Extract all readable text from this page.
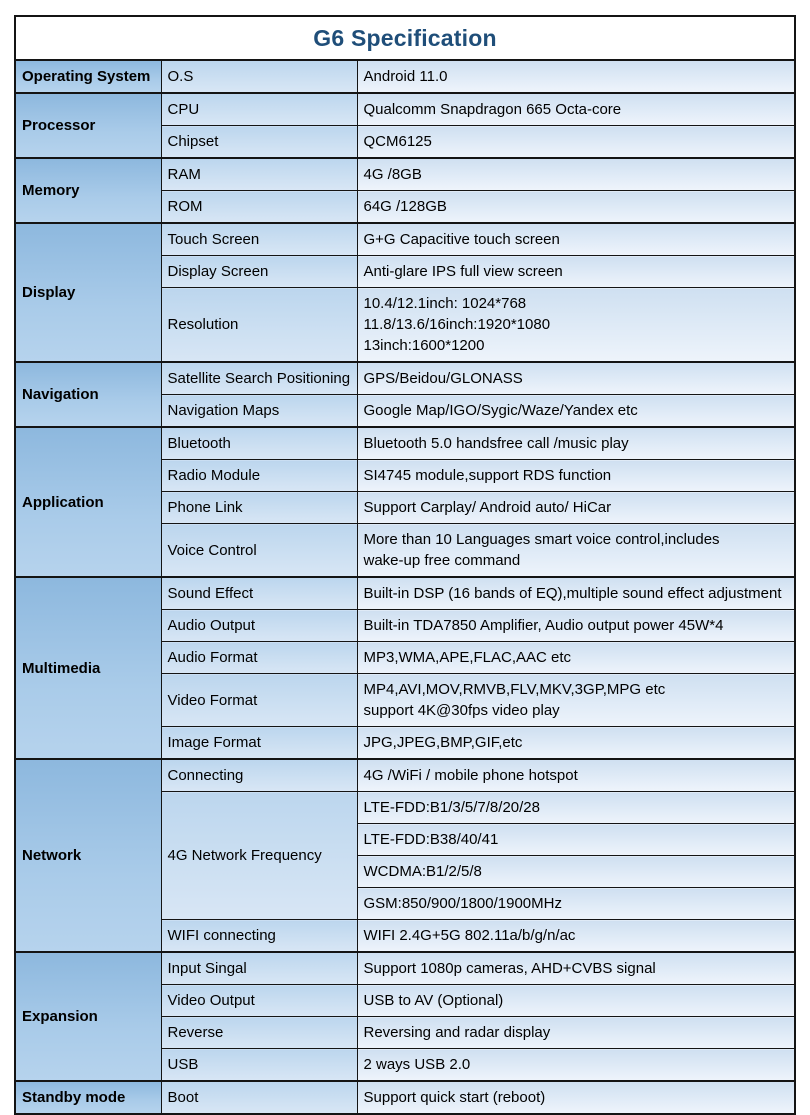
G6 Specification		
Operating System	O.S	Android 11.0
Processor	CPU	Qualcomm Snapdragon 665 Octa-core
	Chipset	QCM6125
Memory	RAM	4G /8GB
	ROM	64G /128GB
Display	Touch Screen	G+G Capacitive touch screen
	Display Screen	Anti-glare IPS full view screen
	Resolution	10.4/12.1inch: 1024*768
11.8/13.6/16inch:1920*1080
13inch:1600*1200
Navigation	Satellite Search Positioning	GPS/Beidou/GLONASS
	Navigation Maps	Google Map/IGO/Sygic/Waze/Yandex etc
Application	Bluetooth	Bluetooth 5.0 handsfree call /music play
	Radio Module	SI4745 module,support RDS function
	Phone Link	Support Carplay/ Android auto/ HiCar
	Voice Control	More than 10 Languages smart voice control,includes
wake-up free command
Multimedia	Sound Effect	Built-in DSP (16 bands of EQ),multiple sound effect adjustment
	Audio Output	Built-in TDA7850 Amplifier, Audio output power 45W*4
	Audio Format	MP3,WMA,APE,FLAC,AAC etc
	Video Format	MP4,AVI,MOV,RMVB,FLV,MKV,3GP,MPG etc
support 4K@30fps video play
	Image Format	JPG,JPEG,BMP,GIF,etc
Network	Connecting	4G /WiFi / mobile phone hotspot
	4G Network Frequency	LTE-FDD:B1/3/5/7/8/20/28
		LTE-FDD:B38/40/41
		WCDMA:B1/2/5/8
		GSM:850/900/1800/1900MHz
	WIFI connecting	WIFI 2.4G+5G 802.11a/b/g/n/ac
Expansion	Input Singal	Support 1080p cameras, AHD+CVBS signal
	Video Output	USB to AV (Optional)
	Reverse	Reversing and radar display
	USB	2 ways USB 2.0
Standby mode	Boot	Support quick start (reboot)
